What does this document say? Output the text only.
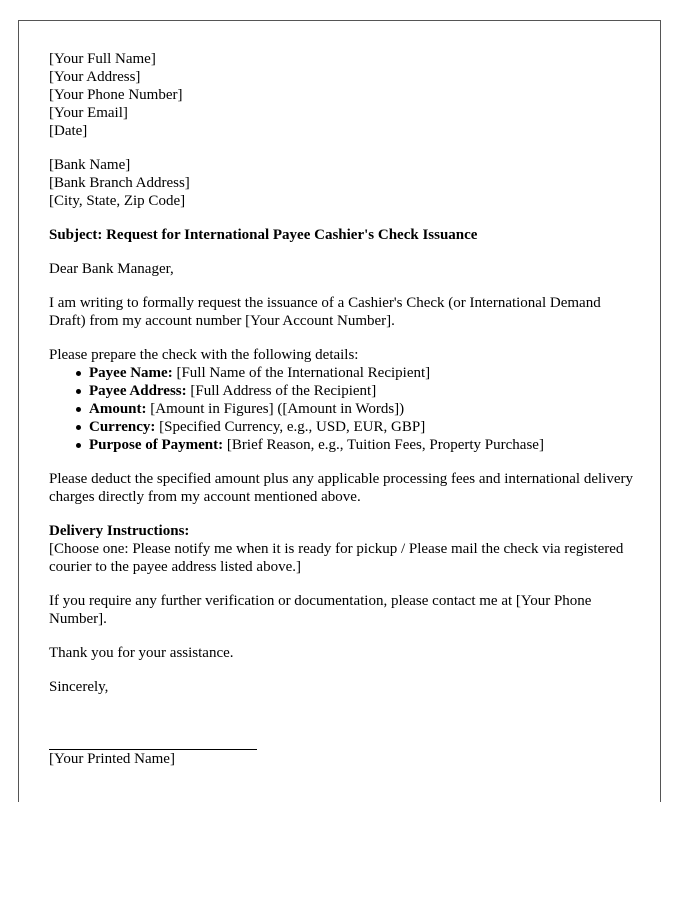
[Your Full Name]
[Your Address]
[Your Phone Number]
[Your Email]
[Date]
[Bank Name]
[Bank Branch Address]
[City, State, Zip Code]

Subject: Request for International Payee Cashier's Check Issuance

Dear Bank Manager,

I am writing to formally request the issuance of a Cashier's Check (or International Demand Draft) from my account number [Your Account Number].

Please prepare the check with the following details:

Payee Name: [Full Name of the International Recipient]
Payee Address: [Full Address of the Recipient]
Amount: [Amount in Figures] ([Amount in Words])
Currency: [Specified Currency, e.g., USD, EUR, GBP]
Purpose of Payment: [Brief Reason, e.g., Tuition Fees, Property Purchase]

Please deduct the specified amount plus any applicable processing fees and international delivery charges directly from my account mentioned above.

Delivery Instructions:
[Choose one: Please notify me when it is ready for pickup / Please mail the check via registered courier to the payee address listed above.]

If you require any further verification or documentation, please contact me at [Your Phone Number].

Thank you for your assistance.

Sincerely,

[Your Printed Name]
